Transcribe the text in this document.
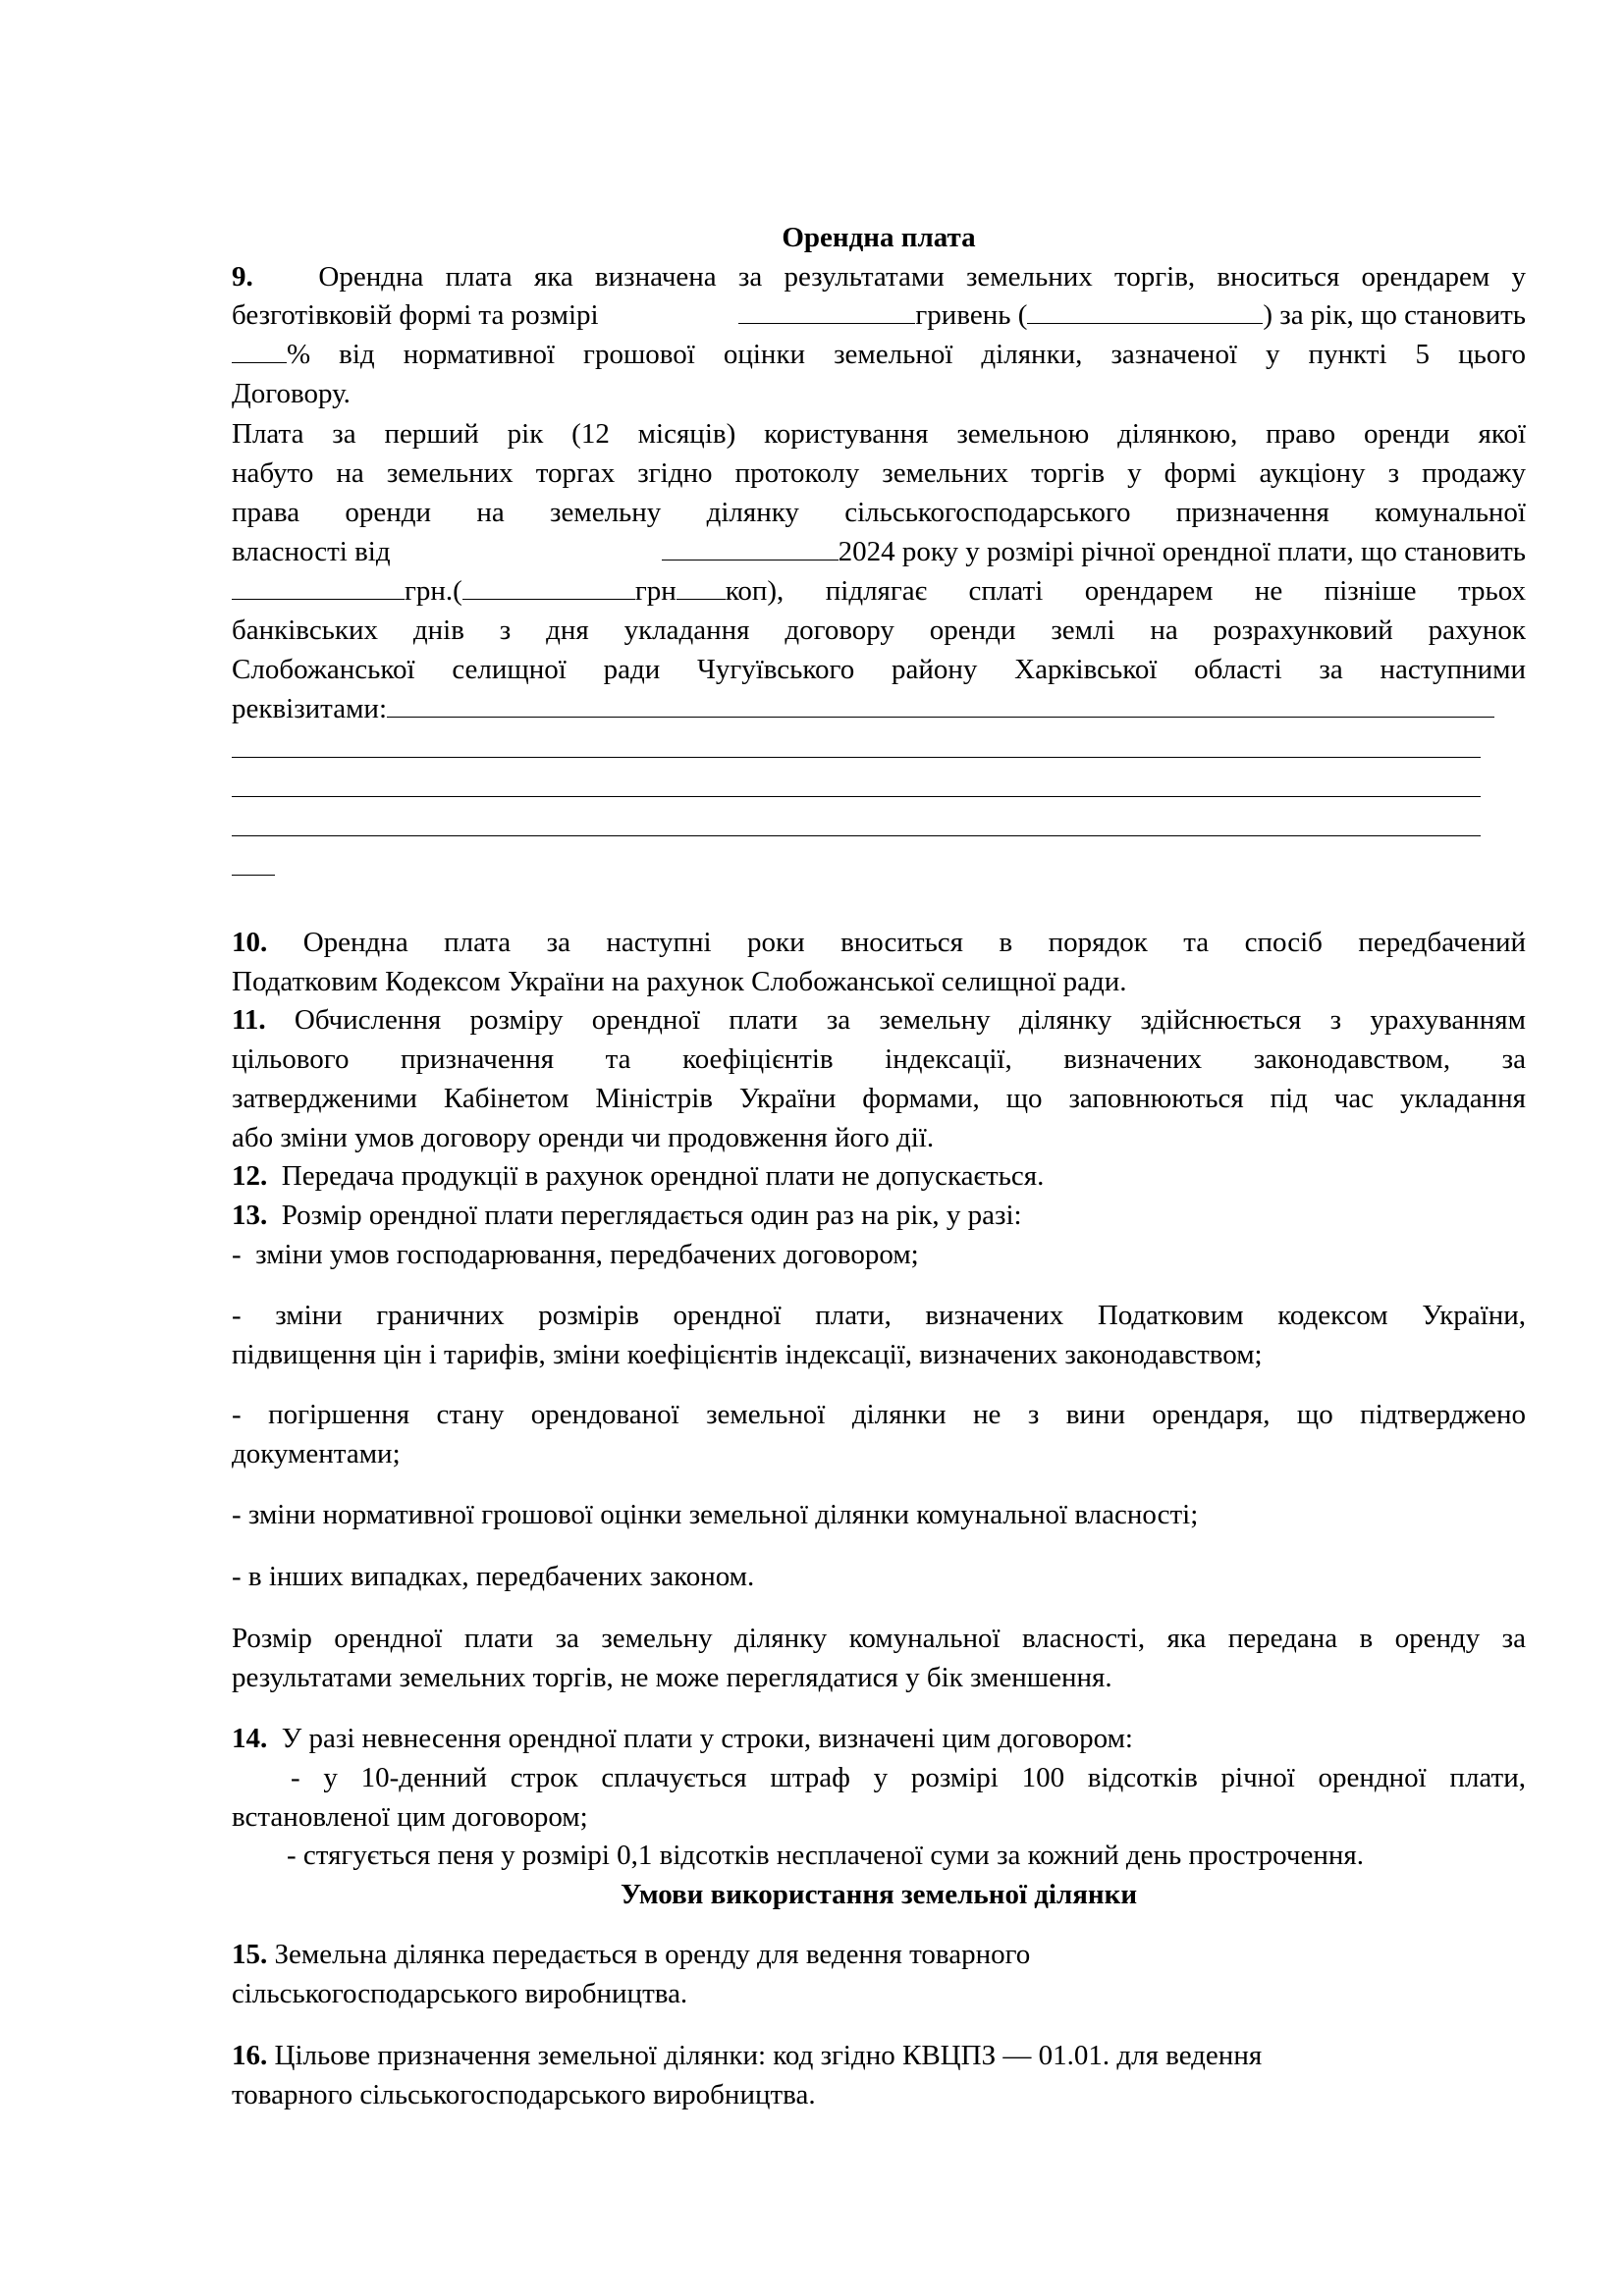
Орендна плата

9. Орендна плата яка визначена за результатами земельних торгів, вноситься орендарем у

безготівковій формі та розмірі	гривень (	) за рік, що становить

% від нормативної грошової оцінки земельної ділянки, зазначеної у пункті 5 цього

Договору.

Плата за перший рік (12 місяців) користування земельною ділянкою, право оренди якої

набуто на земельних торгах згідно протоколу земельних торгів у формі аукціону з продажу

права оренди на земельну ділянку сільськогосподарського призначення комунальної

власності від	2024 року у розмірі річної орендної плати, що становить

грн.(	грн коп), підлягає сплаті орендарем не пізніше трьох

банківських днів з дня укладання договору оренди землі на розрахунковий рахунок

Слобожанської селищної ради Чугуївського району Харківської області за наступними

реквізитами:

10. Орендна плата за наступні роки вноситься в порядок та спосіб передбачений

Податковим Кодексом України на рахунок Слобожанської селищної ради.

11. Обчислення розміру орендної плати за земельну ділянку здійснюється з урахуванням

цільового призначення та коефіцієнтів індексації, визначених законодавством, за

затвердженими Кабінетом Міністрів України формами, що заповнюються під час укладання

або зміни умов договору оренди чи продовження його дії.

12. Передача продукції в рахунок орендної плати не допускається.

13. Розмір орендної плати переглядається один раз на рік, у разі:

-  зміни умов господарювання, передбачених договором;

- зміни граничних розмірів орендної плати, визначених Податковим кодексом України,

підвищення цін і тарифів, зміни коефіцієнтів індексації, визначених законодавством;

- погіршення стану орендованої земельної ділянки не з вини орендаря, що підтверджено

документами;

- зміни нормативної грошової оцінки земельної ділянки комунальної власності;

- в інших випадках, передбачених законом.

Розмір орендної плати за земельну ділянку комунальної власності, яка передана в оренду за

результатами земельних торгів, не може переглядатися у бік зменшення.

14. У разі невнесення орендної плати у строки, визначені цим договором:

- у 10-денний строк сплачується штраф у розмірі 100 відсотків річної орендної плати,

встановленої цим договором;

- стягується пеня у розмірі 0,1 відсотків несплаченої суми за кожний день прострочення.

Умови використання земельної ділянки

15. Земельна ділянка передається в оренду для ведення товарного

сільськогосподарського виробництва.

16. Цільове призначення земельної ділянки: код згідно КВЦПЗ — 01.01. для ведення

товарного сільськогосподарського виробництва.
